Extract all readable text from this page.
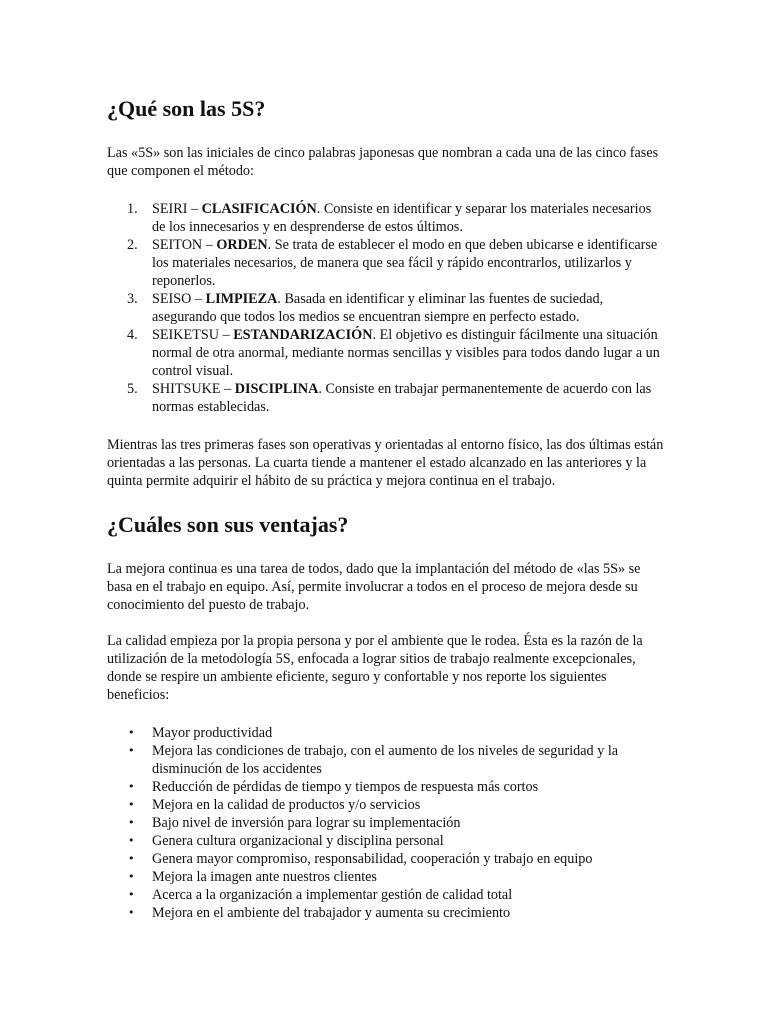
¿Qué son las 5S?

Las «5S» son las iniciales de cinco palabras japonesas que nombran a cada una de las cinco fases que componen el método:

1. SEIRI – CLASIFICACIÓN. Consiste en identificar y separar los materiales necesarios de los innecesarios y en desprenderse de estos últimos.
2. SEITON – ORDEN. Se trata de establecer el modo en que deben ubicarse e identificarse los materiales necesarios, de manera que sea fácil y rápido encontrarlos, utilizarlos y reponerlos.
3. SEISO – LIMPIEZA. Basada en identificar y eliminar las fuentes de suciedad, asegurando que todos los medios se encuentran siempre en perfecto estado.
4. SEIKETSU – ESTANDARIZACIÓN. El objetivo es distinguir fácilmente una situación normal de otra anormal, mediante normas sencillas y visibles para todos dando lugar a un control visual.
5. SHITSUKE – DISCIPLINA. Consiste en trabajar permanentemente de acuerdo con las normas establecidas.

Mientras las tres primeras fases son operativas y orientadas al entorno físico, las dos últimas están orientadas a las personas. La cuarta tiende a mantener el estado alcanzado en las anteriores y la quinta permite adquirir el hábito de su práctica y mejora continua en el trabajo.

¿Cuáles son sus ventajas?

La mejora continua es una tarea de todos, dado que la implantación del método de «las 5S» se basa en el trabajo en equipo. Así, permite involucrar a todos en el proceso de mejora desde su conocimiento del puesto de trabajo.

La calidad empieza por la propia persona y por el ambiente que le rodea. Ésta es la razón de la utilización de la metodología 5S, enfocada a lograr sitios de trabajo realmente excepcionales, donde se respire un ambiente eficiente, seguro y confortable y nos reporte los siguientes beneficios:

• Mayor productividad
• Mejora las condiciones de trabajo, con el aumento de los niveles de seguridad y la disminución de los accidentes
• Reducción de pérdidas de tiempo y tiempos de respuesta más cortos
• Mejora en la calidad de productos y/o servicios
• Bajo nivel de inversión para lograr su implementación
• Genera cultura organizacional y disciplina personal
• Genera mayor compromiso, responsabilidad, cooperación y trabajo en equipo
• Mejora la imagen ante nuestros clientes
• Acerca a la organización a implementar gestión de calidad total
• Mejora en el ambiente del trabajador y aumenta su crecimiento
